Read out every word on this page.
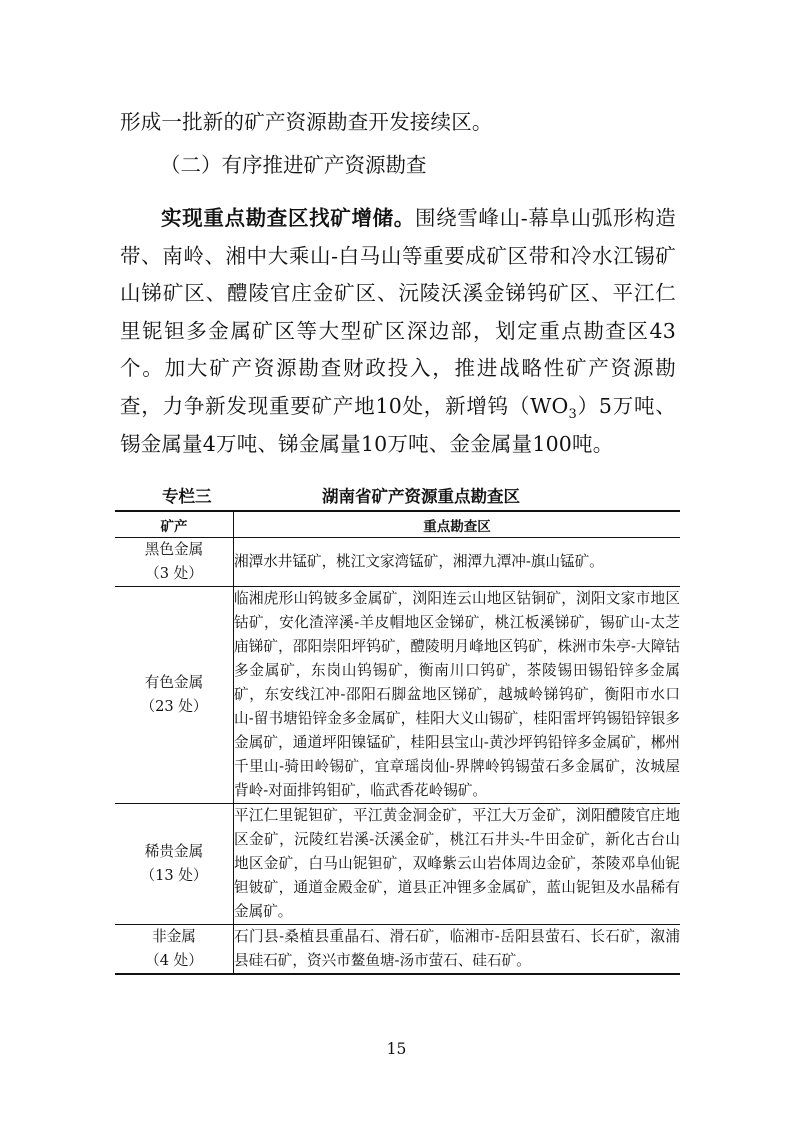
形成一批新的矿产资源勘查开发接续区。
（二）有序推进矿产资源勘查
实现重点勘查区找矿增储。围绕雪峰山-幕阜山弧形构造带、南岭、湘中大乘山-白马山等重要成矿区带和冷水江锡矿山锑矿区、醴陵官庄金矿区、沅陵沃溪金锑钨矿区、平江仁里铌钽多金属矿区等大型矿区深边部，划定重点勘查区43个。加大矿产资源勘查财政投入，推进战略性矿产资源勘查，力争新发现重要矿产地10处，新增钨$(WO_3)5$万吨、锡金属量4万吨、锑金属量10万吨、金金属量100吨。
专栏三	湖南省矿产资源重点勘查区
矿产	重点勘查区

黑色金属
（3 处）	湘潭水井锰矿，桃江文家湾锰矿，湘潭九潭冲-旗山锰矿。

有色金属
（23 处）	临湘虎形山钨铍多金属矿，浏阳连云山地区钴铜矿，浏阳文家市地区钴矿，安化渣滓溪-羊皮帽地区金锑矿，桃江板溪锑矿，锡矿山-太芝庙锑矿，邵阳崇阳坪钨矿，醴陵明月峰地区钨矿，株洲市朱亭-大障钴多金属矿，东岗山钨锡矿，衡南川口钨矿，茶陵锡田锡铅锌多金属矿，东安线江冲-邵阳石脚盆地区锑矿，越城岭锑钨矿，衡阳市水口山-留书塘铅锌金多金属矿，桂阳大义山锡矿，桂阳雷坪钨锡铅锌银多金属矿，通道坪阳镍锰矿，桂阳县宝山-黄沙坪钨铅锌多金属矿，郴州千里山-骑田岭锡矿，宜章瑶岗仙-界牌岭钨锡萤石多金属矿，汝城屋背岭-对面排钨钼矿，临武香花岭锡矿。

稀贵金属
（13 处）	平江仁里铌钽矿，平江黄金洞金矿，平江大万金矿，浏阳醴陵官庄地区金矿，沅陵红岩溪-沃溪金矿，桃江石井头-牛田金矿，新化古台山地区金矿，白马山铌钽矿，双峰紫云山岩体周边金矿，茶陵邓阜仙铌钽铍矿，通道金殿金矿，道县正冲锂多金属矿，蓝山铌钽及水晶稀有金属矿。

非金属
（4 处）	石门县-桑植县重晶石、滑石矿，临湘市-岳阳县萤石、长石矿，溆浦县硅石矿，资兴市鳌鱼塘-汤市萤石、硅石矿。
15
